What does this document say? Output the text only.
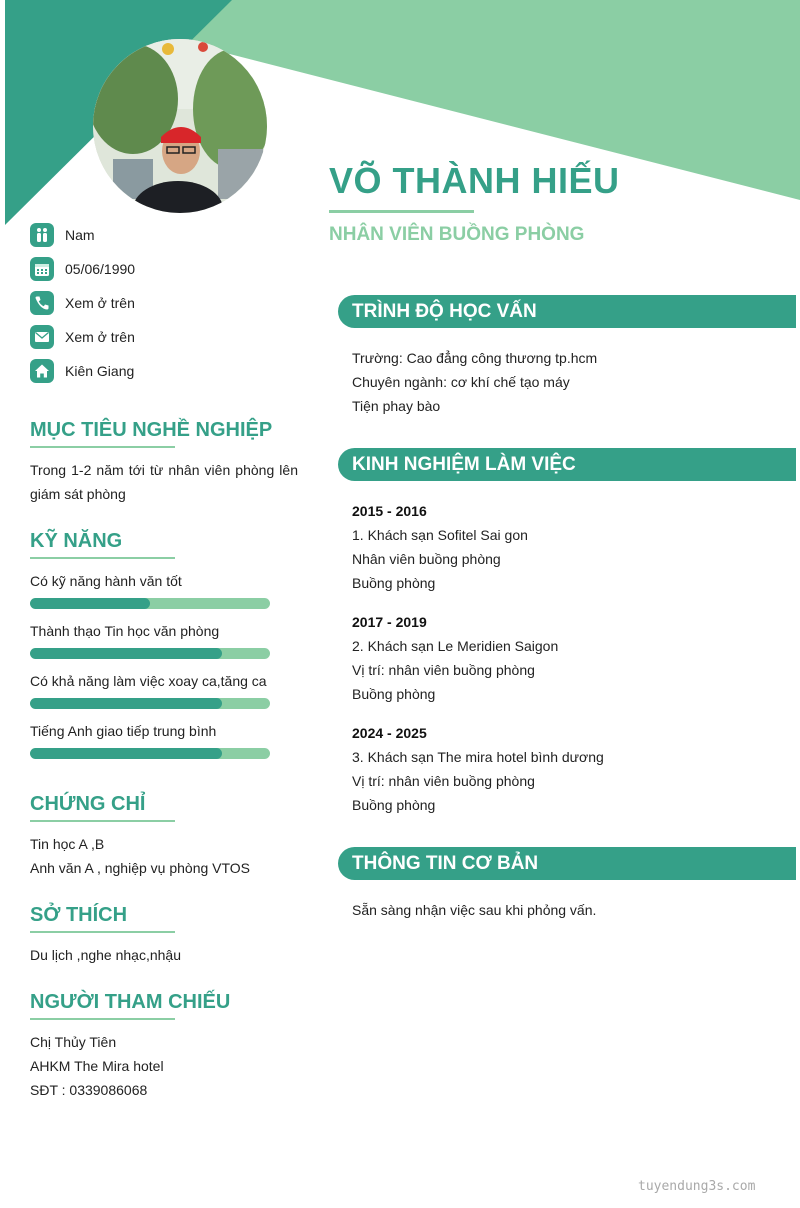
VÕ THÀNH HIẾU
NHÂN VIÊN BUỒNG PHÒNG
Nam
05/06/1990
Xem ở trên
Xem ở trên
Kiên Giang
MỤC TIÊU NGHỀ NGHIỆP
Trong 1-2 năm tới từ nhân viên phòng lên giám sát phòng
KỸ NĂNG
Có kỹ năng hành văn tốt
Thành thạo Tin học văn phòng
Có khả năng làm việc xoay ca,tăng ca
Tiếng Anh giao tiếp trung bình
CHỨNG CHỈ
Tin học A ,B
Anh văn A , nghiệp vụ phòng VTOS
SỞ THÍCH
Du lịch ,nghe nhạc,nhậu
NGƯỜI THAM CHIẾU
Chị Thủy Tiên
AHKM The Mira hotel
SĐT : 0339086068
TRÌNH ĐỘ HỌC VẤN
Trường: Cao đẳng công thương tp.hcm
Chuyên ngành: cơ khí chế tạo máy
Tiện phay bào
KINH NGHIỆM LÀM VIỆC
2015 - 2016
1. Khách sạn Sofitel Sai gon
Nhân viên buồng phòng
Buồng phòng
2017 - 2019
2. Khách sạn Le Meridien Saigon
Vị trí: nhân viên buồng phòng
Buồng phòng
2024 - 2025
3. Khách sạn The mira hotel bình dương
Vị trí: nhân viên buồng phòng
Buồng phòng
THÔNG TIN CƠ BẢN
Sẵn sàng nhận việc sau khi phỏng vấn.
tuyendung3s.com
